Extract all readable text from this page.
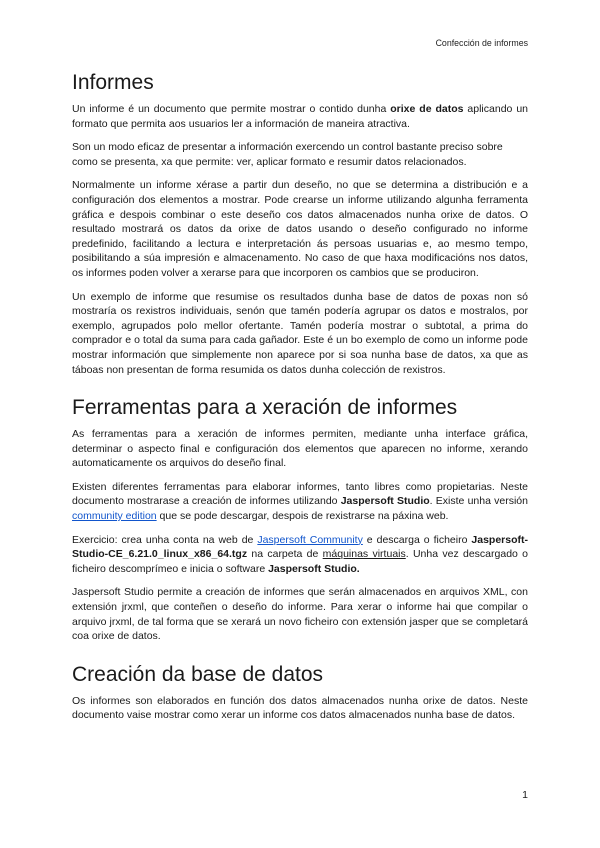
Confección de informes
Informes

Un informe é un documento que permite mostrar o contido dunha orixe de datos aplicando un formato que permita aos usuarios ler a información de maneira atractiva.

Son un modo eficaz de presentar a información exercendo un control bastante preciso sobre como se presenta, xa que permite: ver, aplicar formato e resumir datos relacionados.

Normalmente un informe xérase a partir dun deseño, no que se determina a distribución e a configuración dos elementos a mostrar. Pode crearse un informe utilizando algunha ferramenta gráfica e despois combinar o este deseño cos datos almacenados nunha orixe de datos. O resultado mostrará os datos da orixe de datos usando o deseño configurado no informe predefinido, facilitando a lectura e interpretación ás persoas usuarias e, ao mesmo tempo, posibilitando a súa impresión e almacenamento. No caso de que haxa modificacións nos datos, os informes poden volver a xerarse para que incorporen os cambios que se produciron.

Un exemplo de informe que resumise os resultados dunha base de datos de poxas non só mostraría os rexistros individuais, senón que tamén podería agrupar os datos e mostralos, por exemplo, agrupados polo mellor ofertante. Tamén podería mostrar o subtotal, a prima do comprador e o total da suma para cada gañador. Este é un bo exemplo de como un informe pode mostrar información que simplemente non aparece por si soa nunha base de datos, xa que as táboas non presentan de forma resumida os datos dunha colección de rexistros.

Ferramentas para a xeración de informes

As ferramentas para a xeración de informes permiten, mediante unha interface gráfica, determinar o aspecto final e configuración dos elementos que aparecen no informe, xerando automaticamente os arquivos do deseño final.

Existen diferentes ferramentas para elaborar informes, tanto libres como propietarias. Neste documento mostrarase a creación de informes utilizando Jaspersoft Studio. Existe unha versión community edition que se pode descargar, despois de rexistrarse na páxina web.

Exercicio: crea unha conta na web de Jaspersoft Community e descarga o ficheiro Jaspersoft-Studio-CE_6.21.0_linux_x86_64.tgz na carpeta de máquinas virtuais. Unha vez descargado o ficheiro descomprímeo e inicia o software Jaspersoft Studio.

Jaspersoft Studio permite a creación de informes que serán almacenados en arquivos XML, con extensión jrxml, que conteñen o deseño do informe. Para xerar o informe hai que compilar o arquivo jrxml, de tal forma que se xerará un novo ficheiro con extensión jasper que se completará coa orixe de datos.

Creación da base de datos

Os informes son elaborados en función dos datos almacenados nunha orixe de datos. Neste documento vaise mostrar como xerar un informe cos datos almacenados nunha base de datos.

1
